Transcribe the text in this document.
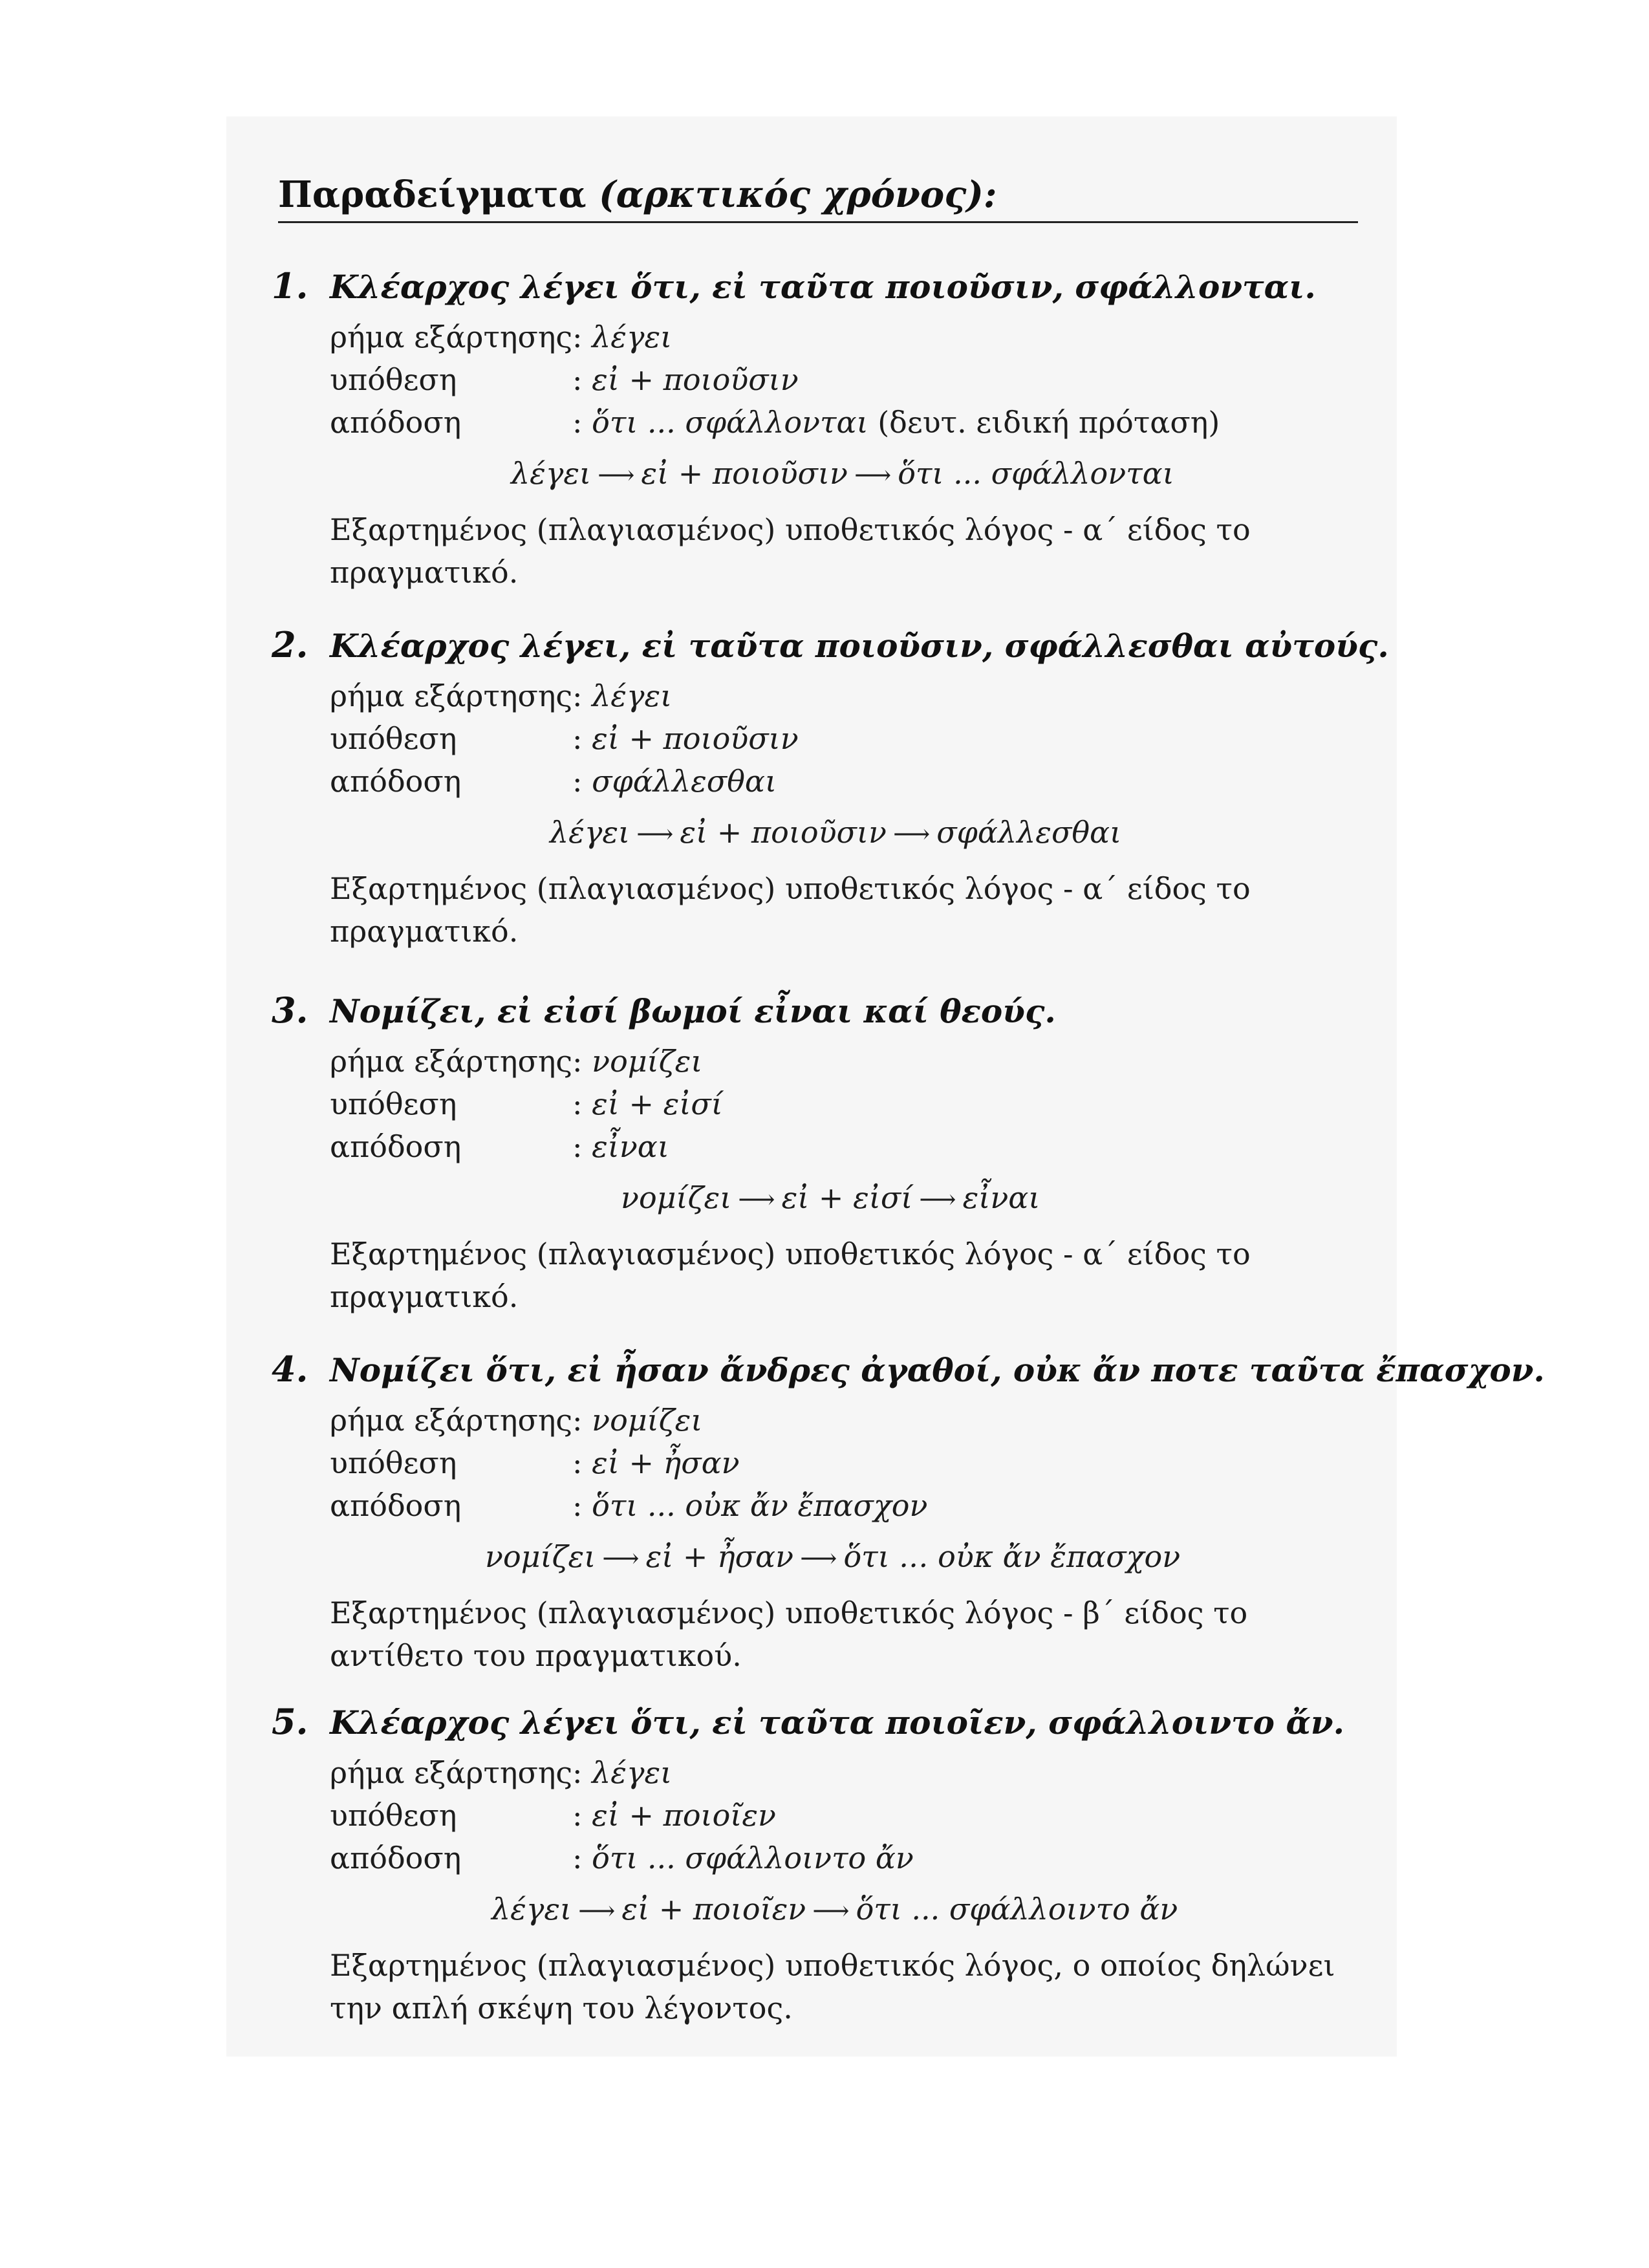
Παραδείγματα (αρκτικός χρόνος):
1. Κλέαρχος λέγει ὅτι, εἰ ταῦτα ποιοῦσιν, σφάλλονται.
ρήμα εξάρτησης: λέγει
υπόθεση	: εἰ + ποιοῦσιν
απόδοση	: ὅτι ... σφάλλονται (δευτ. ειδική πρόταση)
λέγει ⟶ εἰ + ποιοῦσιν ⟶ ὅτι ... σφάλλονται
Εξαρτημένος (πλαγιασμένος) υποθετικός λόγος - α΄ είδος το πραγματικό.
2. Κλέαρχος λέγει, εἰ ταῦτα ποιοῦσιν, σφάλλεσθαι αὐτούς.
ρήμα εξάρτησης: λέγει
υπόθεση	: εἰ + ποιοῦσιν
απόδοση	: σφάλλεσθαι
λέγει ⟶ εἰ + ποιοῦσιν ⟶ σφάλλεσθαι
Εξαρτημένος (πλαγιασμένος) υποθετικός λόγος - α΄ είδος το πραγματικό.
3. Νομίζει, εἰ εἰσί βωμοί εἶναι καί θεούς.
ρήμα εξάρτησης: νομίζει
υπόθεση	: εἰ + εἰσί
απόδοση	: εἶναι
νομίζει ⟶ εἰ + εἰσί ⟶ εἶναι
Εξαρτημένος (πλαγιασμένος) υποθετικός λόγος - α΄ είδος το πραγματικό.
4. Νομίζει ὅτι, εἰ ἦσαν ἄνδρες ἀγαθοί, οὐκ ἄν ποτε ταῦτα ἔπασχον.
ρήμα εξάρτησης: νομίζει
υπόθεση	: εἰ + ἦσαν
απόδοση	: ὅτι ... οὐκ ἄν ἔπασχον
νομίζει ⟶ εἰ + ἦσαν ⟶ ὅτι .‥ οὐκ ἄν ἔπασχον
Εξαρτημένος (πλαγιασμένος) υποθετικός λόγος - β΄ είδος το αντίθετο του πραγματικού.
5. Κλέαρχος λέγει ὅτι, εἰ ταῦτα ποιοῖεν, σφάλλοιντο ἄν.
ρήμα εξάρτησης: λέγει
υπόθεση	: εἰ + ποιοῖεν
απόδοση	: ὅτι ... σφάλλοιντο ἄν
λέγει ⟶ εἰ + ποιοῖεν ⟶ ὅτι ... σφάλλοιντο ἄν
Εξαρτημένος (πλαγιασμένος) υποθετικός λόγος, ο οποίος δηλώνει την απλή σκέψη του λέγοντος.
